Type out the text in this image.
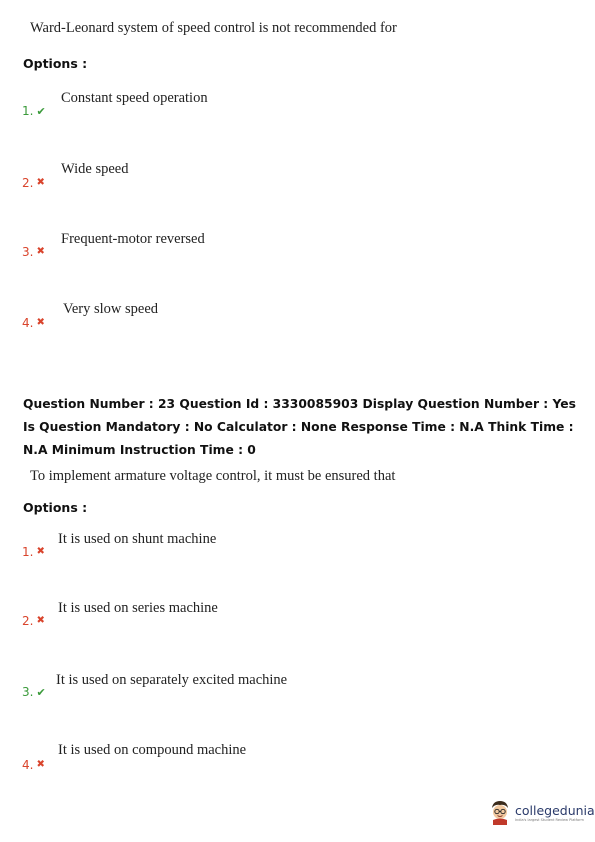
Ward-Leonard system of speed control is not recommended for
Options :
1. ✔
Constant speed operation
2. ✖
Wide speed
3. ✖
Frequent-motor reversed
4. ✖
Very slow speed
Question Number : 23 Question Id : 3330085903 Display Question Number : Yes Is Question Mandatory : No Calculator : None Response Time : N.A Think Time : N.A Minimum Instruction Time : 0
To implement armature voltage control, it must be ensured that
Options :
1. ✖
It is used on shunt machine
2. ✖
It is used on series machine
3. ✔
It is used on separately excited machine
4. ✖
It is used on compound machine
collegedunia
India's largest Student Review Platform
